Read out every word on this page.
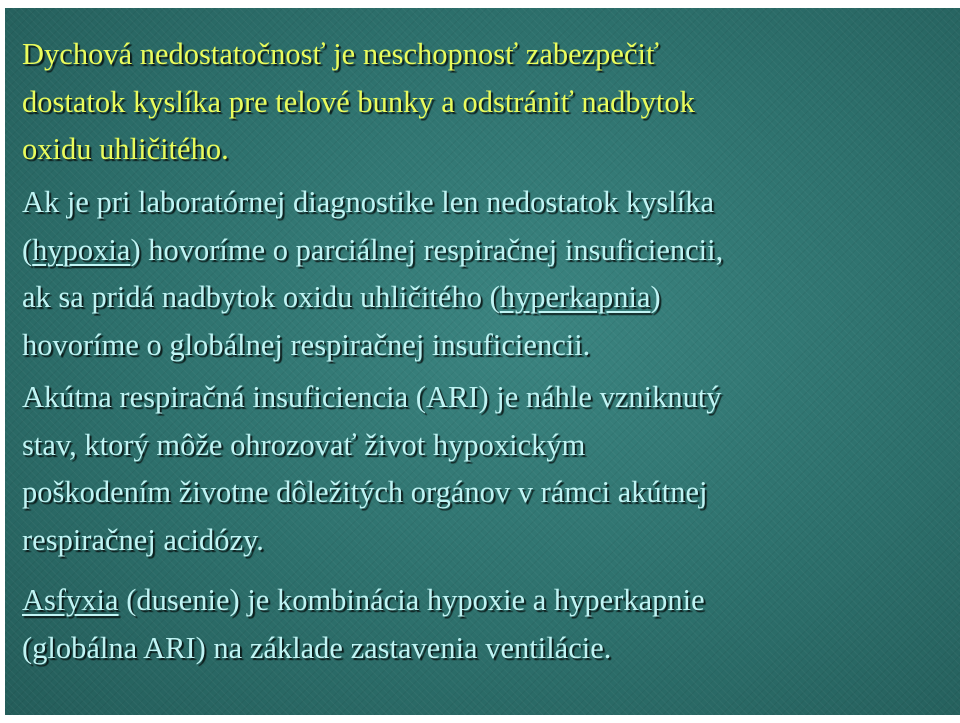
Dychová nedostatočnosť je neschopnosť zabezpečiť
dostatok kyslíka pre telové bunky a odstrániť nadbytok
oxidu uhličitého.

Ak je pri laboratórnej diagnostike len nedostatok kyslíka
(hypoxia) hovoríme o parciálnej respiračnej insuficiencii,
ak sa pridá nadbytok oxidu uhličitého (hyperkapnia)
hovoríme o globálnej respiračnej insuficiencii.

Akútna respiračná insuficiencia (ARI) je náhle vzniknutý
stav, ktorý môže ohrozovať život hypoxickým
poškodením životne dôležitých orgánov v rámci akútnej
respiračnej acidózy.

Asfyxia (dusenie) je kombinácia hypoxie a hyperkapnie
(globálna ARI) na základe zastavenia ventilácie.
